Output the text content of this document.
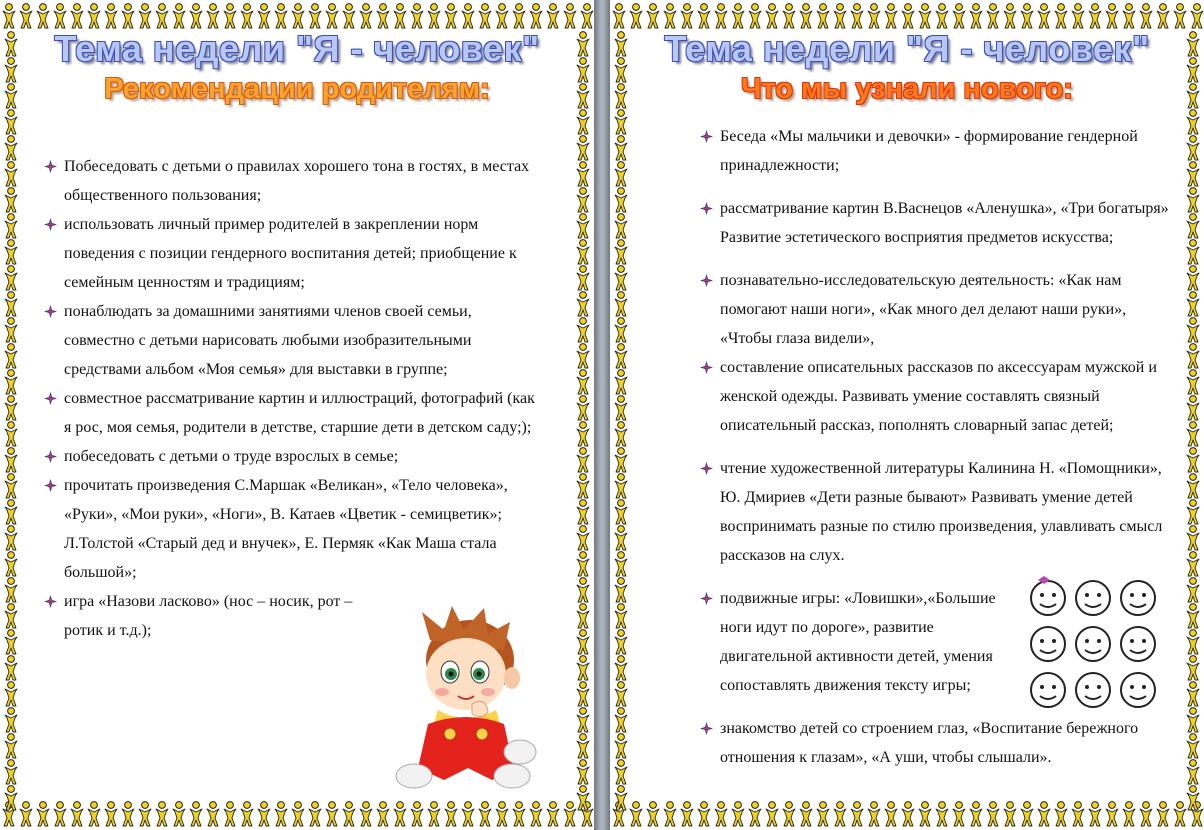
Тема недели "Я - человек"
Рекомендации родителям:
Побеседовать с детьми о правилах хорошего тона в гостях, в местах общественного пользования;
использовать личный пример родителей в закреплении норм поведения с позиции гендерного воспитания детей; приобщение к семейным ценностям и традициям;
понаблюдать за домашними занятиями членов своей семьи, совместно с детьми нарисовать любыми изобразительными средствами альбом «Моя семья» для выставки в группе;
совместное рассматривание картин и иллюстраций, фотографий (как я рос, моя семья, родители в детстве, старшие дети в детском саду;);
побеседовать с детьми о труде взрослых в семье;
прочитать произведения С.Маршак «Великан», «Тело человека», «Руки», «Мои руки», «Ноги», В. Катаев «Цветик - семицветик»; Л.Толстой «Старый дед и внучек», Е. Пермяк «Как Маша стала большой»;
игра «Назови ласково» (нос – носик, рот – ротик и т.д.);
Тема недели "Я - человек"
Что мы узнали нового:
Беседа «Мы мальчики и девочки» - формирование гендерной принадлежности;
рассматривание картин В.Васнецов «Аленушка», «Три богатыря» Развитие эстетического восприятия предметов искусства;
познавательно-исследовательскую деятельность: «Как нам помогают наши ноги», «Как много дел делают наши руки», «Чтобы глаза видели»,
составление описательных рассказов по аксессуарам мужской и женской одежды. Развивать умение составлять связный описательный рассказ, пополнять словарный запас детей;
чтение художественной литературы Калинина Н. «Помощники», Ю. Дмириев «Дети разные бывают» Развивать умение детей воспринимать разные по стилю произведения, улавливать смысл рассказов на слух.
подвижные игры: «Ловишки»,«Большие ноги идут по дороге», развитие двигательной активности детей, умения сопоставлять движения тексту игры;
знакомство детей со строением глаз, «Воспитание бережного отношения к глазам», «А уши, чтобы слышали».
